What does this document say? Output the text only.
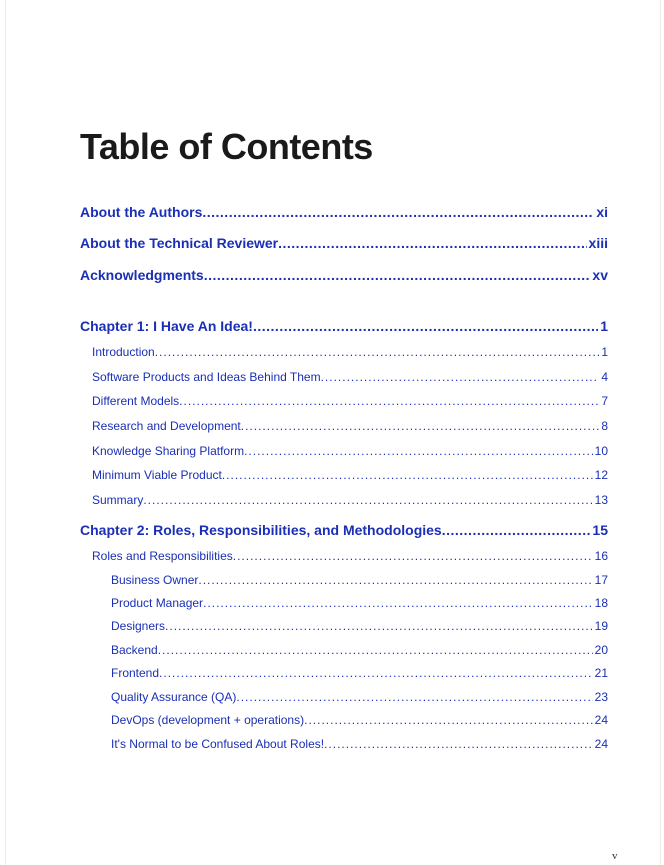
Table of Contents
About the Authors .....	xi
About the Technical Reviewer .....	xiii
Acknowledgments .....	xv
Chapter 1: I Have An Idea! .....	1
Introduction .....	1
Software Products and Ideas Behind Them .....	4
Different Models .....	7
Research and Development .....	8
Knowledge Sharing Platform .....	10
Minimum Viable Product .....	12
Summary .....	13
Chapter 2: Roles, Responsibilities, and Methodologies .....	15
Roles and Responsibilities .....	16
Business Owner .....	17
Product Manager .....	18
Designers .....	19
Backend .....	20
Frontend .....	21
Quality Assurance (QA) .....	23
DevOps (development + operations) .....	24
It's Normal to be Confused About Roles! .....	24
v
